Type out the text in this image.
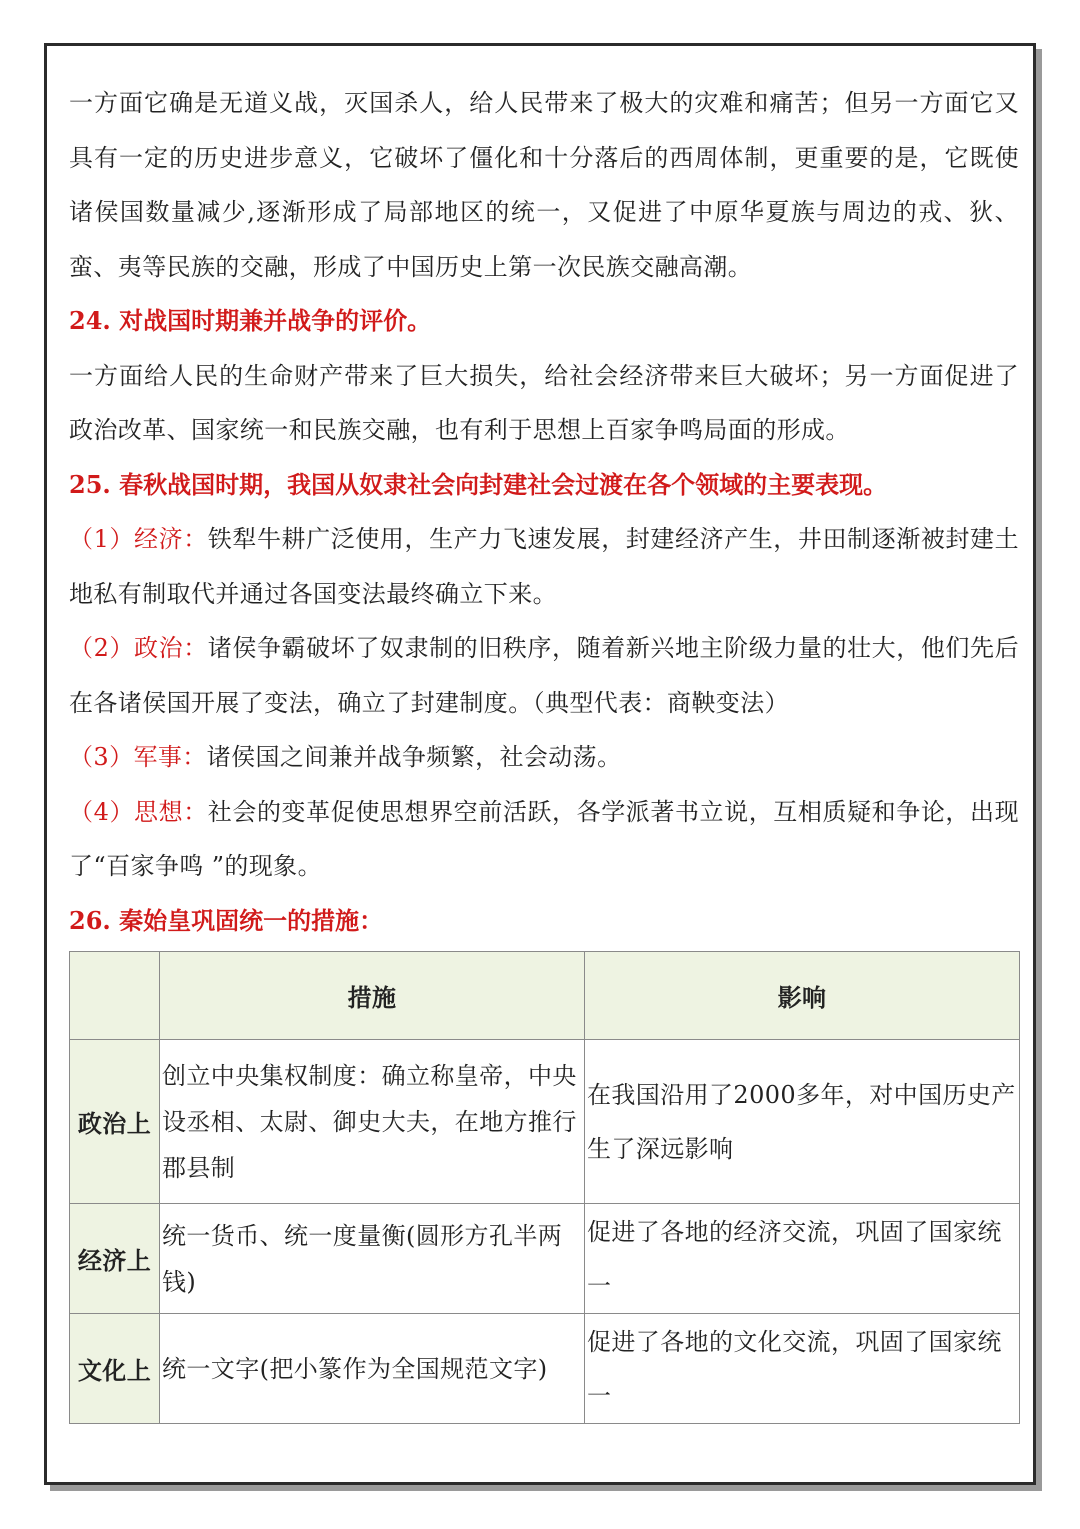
一方面它确是无道义战，灭国杀人，给人民带来了极大的灾难和痛苦；但另一方面它又具有一定的历史进步意义，它破坏了僵化和十分落后的西周体制，更重要的是，它既使诸侯国数量减少,逐渐形成了局部地区的统一，又促进了中原华夏族与周边的戎、狄、蛮、夷等民族的交融，形成了中国历史上第一次民族交融高潮。

24. 对战国时期兼并战争的评价。

一方面给人民的生命财产带来了巨大损失，给社会经济带来巨大破坏；另一方面促进了政治改革、国家统一和民族交融，也有利于思想上百家争鸣局面的形成。

25. 春秋战国时期，我国从奴隶社会向封建社会过渡在各个领域的主要表现。

（1）经济：铁犁牛耕广泛使用，生产力飞速发展，封建经济产生，井田制逐渐被封建土地私有制取代并通过各国变法最终确立下来。

（2）政治：诸侯争霸破坏了奴隶制的旧秩序，随着新兴地主阶级力量的壮大，他们先后在各诸侯国开展了变法，确立了封建制度。（典型代表：商鞅变法）

（3）军事：诸侯国之间兼并战争频繁，社会动荡。

（4）思想：社会的变革促使思想界空前活跃，各学派著书立说，互相质疑和争论，出现了“百家争鸣 ”的现象。

26. 秦始皇巩固统一的措施：

	措施	影响
政治上	创立中央集权制度：确立称皇帝，中央设丞相、太尉、御史大夫，在地方推行郡县制	在我国沿用了2000多年，对中国历史产生了深远影响
经济上	统一货币、统一度量衡(圆形方孔半两钱)	促进了各地的经济交流，巩固了国家统一
文化上	统一文字(把小篆作为全国规范文字)	促进了各地的文化交流，巩固了国家统一
